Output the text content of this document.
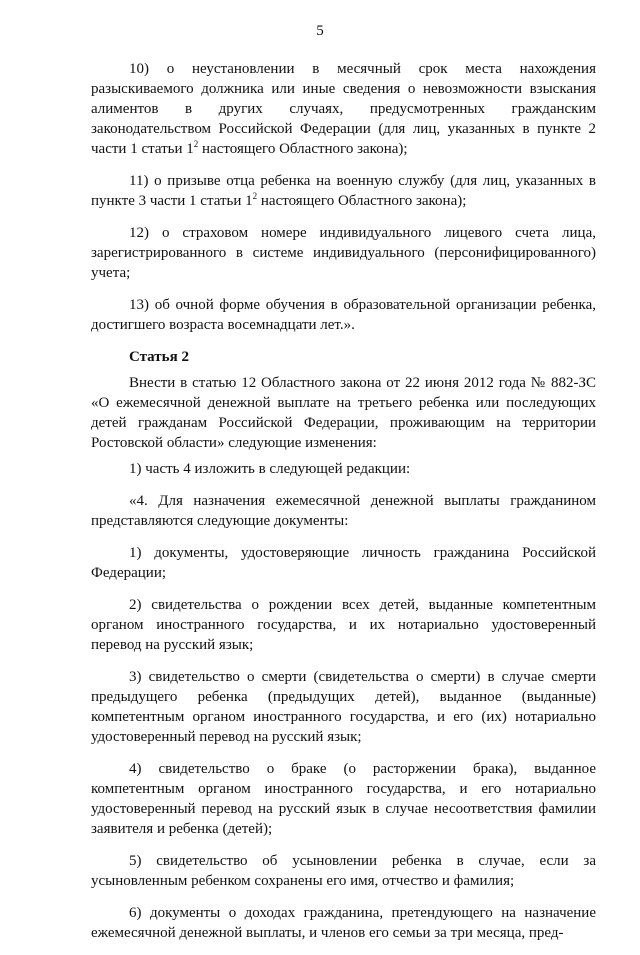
5

10) о неустановлении в месячный срок места нахождения разыскиваемого должника или иные сведения о невозможности взыскания алиментов в других случаях, предусмотренных гражданским законодательством Российской Федерации (для лиц, указанных в пункте 2 части 1 статьи $1^2$ настоящего Областного закона);

11) о призыве отца ребенка на военную службу (для лиц, указанных в пункте 3 части 1 статьи $1^2$ настоящего Областного закона);

12) о страховом номере индивидуального лицевого счета лица, зарегистрированного в системе индивидуального (персонифицированного) учета;

13) об очной форме обучения в образовательной организации ребенка, достигшего возраста восемнадцати лет.».

Статья 2

Внести в статью 12 Областного закона от 22 июня 2012 года № 882-ЗС «О ежемесячной денежной выплате на третьего ребенка или последующих детей гражданам Российской Федерации, проживающим на территории Ростовской области» следующие изменения:

1) часть 4 изложить в следующей редакции:

«4. Для назначения ежемесячной денежной выплаты гражданином представляются следующие документы:

1) документы, удостоверяющие личность гражданина Российской Федерации;

2) свидетельства о рождении всех детей, выданные компетентным органом иностранного государства, и их нотариально удостоверенный перевод на русский язык;

3) свидетельство о смерти (свидетельства о смерти) в случае смерти предыдущего ребенка (предыдущих детей), выданное (выданные) компетентным органом иностранного государства, и его (их) нотариально удостоверенный перевод на русский язык;

4) свидетельство о браке (о расторжении брака), выданное компетентным органом иностранного государства, и его нотариально удостоверенный перевод на русский язык в случае несоответствия фамилии заявителя и ребенка (детей);

5) свидетельство об усыновлении ребенка в случае, если за усыновленным ребенком сохранены его имя, отчество и фамилия;

6) документы о доходах гражданина, претендующего на назначение ежемесячной денежной выплаты, и членов его семьи за три месяца, пред-
